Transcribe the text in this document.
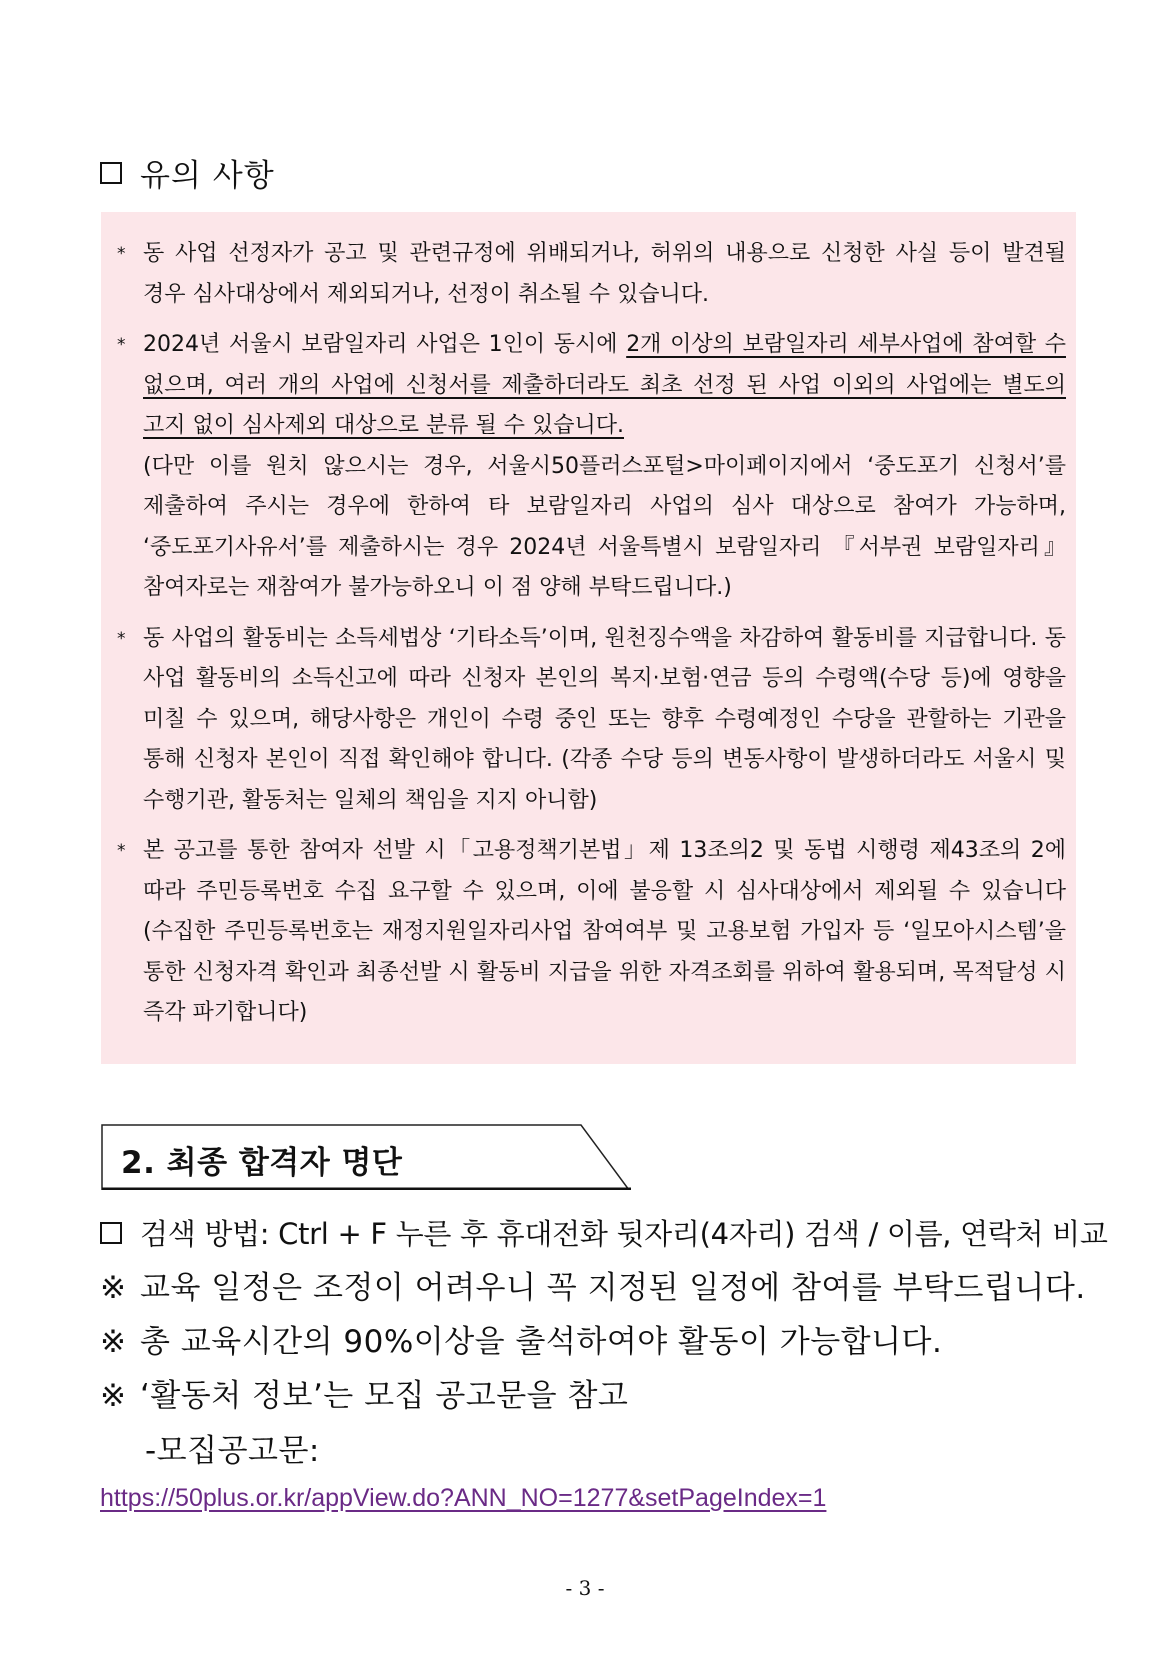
유의 사항
* 동 사업 선정자가 공고 및 관련규정에 위배되거나, 허위의 내용으로 신청한 사실 등이 발견될 경우 심사대상에서 제외되거나, 선정이 취소될 수 있습니다.
* 2024년 서울시 보람일자리 사업은 1인이 동시에 2개 이상의 보람일자리 세부사업에 참여할 수 없으며, 여러 개의 사업에 신청서를 제출하더라도 최초 선정 된 사업 이외의 사업에는 별도의 고지 없이 심사제외 대상으로 분류 될 수 있습니다.

(다만 이를 원치 않으시는 경우, 서울시50플러스포털>마이페이지에서 ‘중도포기 신청서’를 제출하여 주시는 경우에 한하여 타 보람일자리 사업의 심사 대상으로 참여가 가능하며, ‘중도포기사유서’를 제출하시는 경우 2024년 서울특별시 보람일자리 『서부권 보람일자리』 참여자로는 재참여가 불가능하오니 이 점 양해 부탁드립니다.)

* 동 사업의 활동비는 소득세법상 ‘기타소득’이며, 원천징수액을 차감하여 활동비를 지급합니다. 동 사업 활동비의 소득신고에 따라 신청자 본인의 복지·보험·연금 등의 수령액(수당 등)에 영향을 미칠 수 있으며, 해당사항은 개인이 수령 중인 또는 향후 수령예정인 수당을 관할하는 기관을 통해 신청자 본인이 직접 확인해야 합니다. (각종 수당 등의 변동사항이 발생하더라도 서울시 및 수행기관, 활동처는 일체의 책임을 지지 아니함)
* 본 공고를 통한 참여자 선발 시「고용정책기본법」제 13조의2 및 동법 시행령 제43조의 2에 따라 주민등록번호 수집 요구할 수 있으며, 이에 불응할 시 심사대상에서 제외될 수 있습니다(수집한 주민등록번호는 재정지원일자리사업 참여여부 및 고용보험 가입자 등 ‘일모아시스템’을 통한 신청자격 확인과 최종선발 시 활동비 지급을 위한 자격조회를 위하여 활용되며, 목적달성 시 즉각 파기합니다)
2. 최종 합격자 명단
검색 방법: Ctrl + F 누른 후 휴대전화 뒷자리(4자리) 검색 / 이름, 연락처 비교
※ 교육 일정은 조정이 어려우니 꼭 지정된 일정에 참여를 부탁드립니다.
※ 총 교육시간의 90%이상을 출석하여야 활동이 가능합니다.
※ ‘활동처 정보’는 모집 공고문을 참고
-모집공고문:
https://50plus.or.kr/appView.do?ANN_NO=1277&setPageIndex=1
- 3 -
